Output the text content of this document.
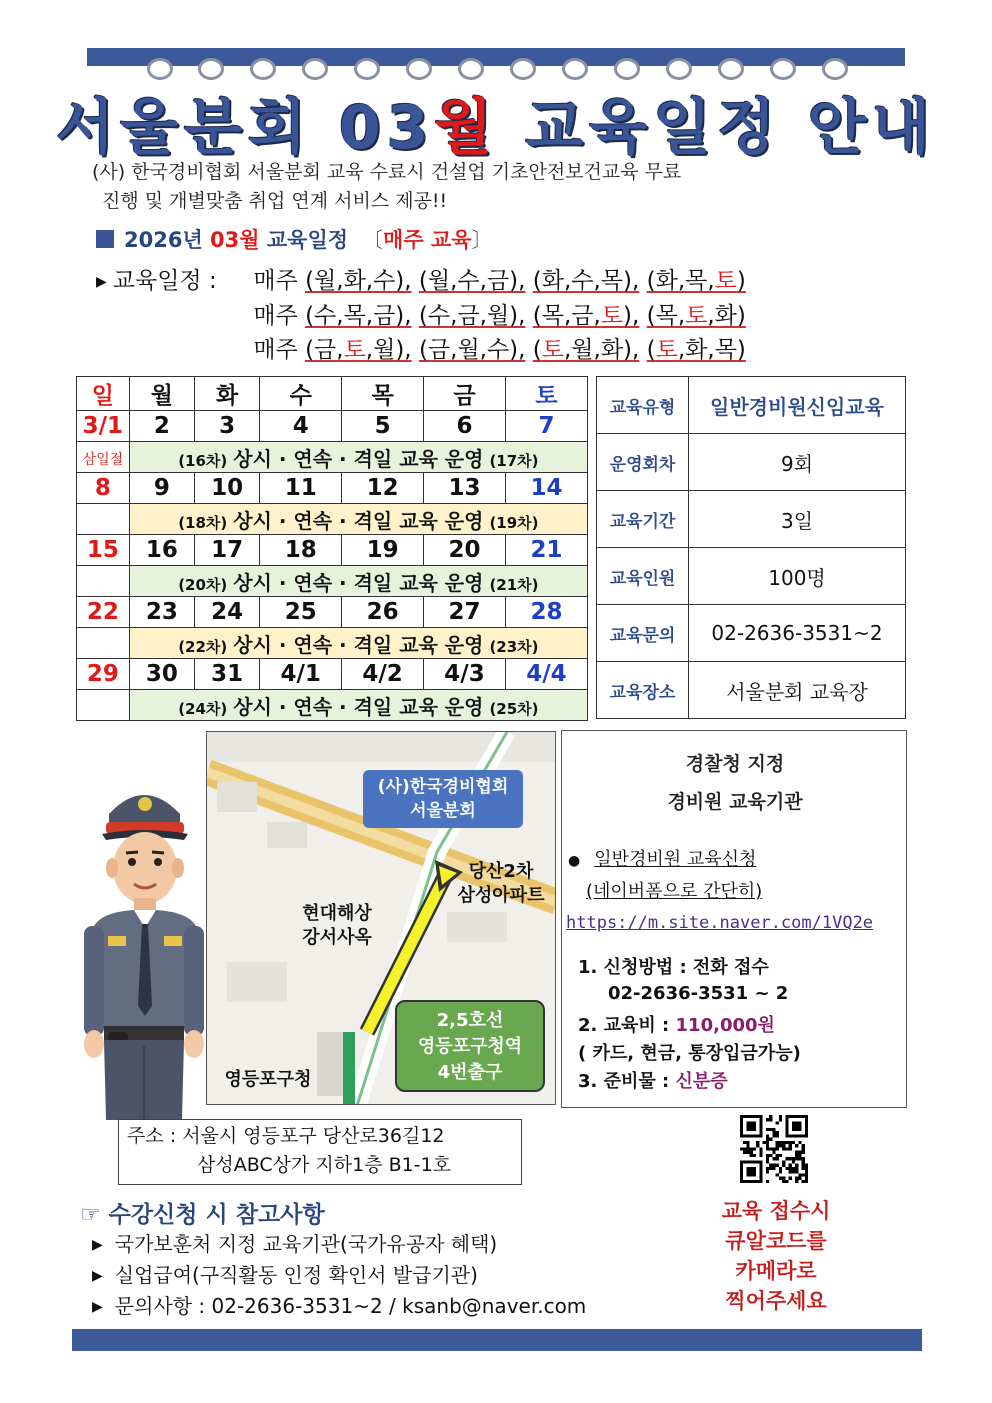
서울분회 03월 교육일정 안내
(사) 한국경비협회 서울분회 교육 수료시 건설업 기초안전보건교육 무료
진행 및 개별맞춤 취업 연계 서비스 제공!!
2026년 03월 교육일정 〔매주 교육〕
▶ 교육일정 : 매주 (월,화,수), (월,수,금), (화,수,목), (화,목,토)
매주 (수,목,금), (수,금,월), (목,금,토), (목,토,화)
매주 (금,토,월), (금,월,수), (토,월,화), (토,화,목)
일	월	화	수	목	금	토
3/1	2	3	4	5	6	7
삼일절	(16차) 상시 · 연속 · 격일 교육 운영 (17차)					
8	9	10	11	12	13	14
	(18차) 상시 · 연속 · 격일 교육 운영 (19차)					
15	16	17	18	19	20	21
	(20차) 상시 · 연속 · 격일 교육 운영 (21차)					
22	23	24	25	26	27	28
	(22차) 상시 · 연속 · 격일 교육 운영 (23차)					
29	30	31	4/1	4/2	4/3	4/4
	(24차) 상시 · 연속 · 격일 교육 운영 (25차)					
교육유형	일반경비원신임교육
운영회차	9회
교육기간	3일
교육인원	100명
교육문의	02-2636-3531~2
교육장소	서울분회 교육장
(사)한국경비협회
서울분회
당산2차
삼성아파트
현대해상
강서사옥
2,5호선
영등포구청역
4번출구
영등포구청
경찰청 지정
경비원 교육기관
● 일반경비원 교육신청
(네이버폼으로 간단히)
https://m.site.naver.com/1VQ2e
1. 신청방법 : 전화 접수
02-2636-3531 ~ 2
2. 교육비 : 110,000원
( 카드, 현금, 통장입금가능)
3. 준비물 : 신분증
주소 : 서울시 영등포구 당산로36길12
삼성ABC상가 지하1층 B1-1호
☞ 수강신청 시 참고사항
▶ 국가보훈처 지정 교육기관(국가유공자 혜택)
▶ 실업급여(구직활동 인정 확인서 발급기관)
▶ 문의사항 : 02-2636-3531~2 / ksanb@naver.com
교육 접수시
큐알코드를
카메라로
찍어주세요
